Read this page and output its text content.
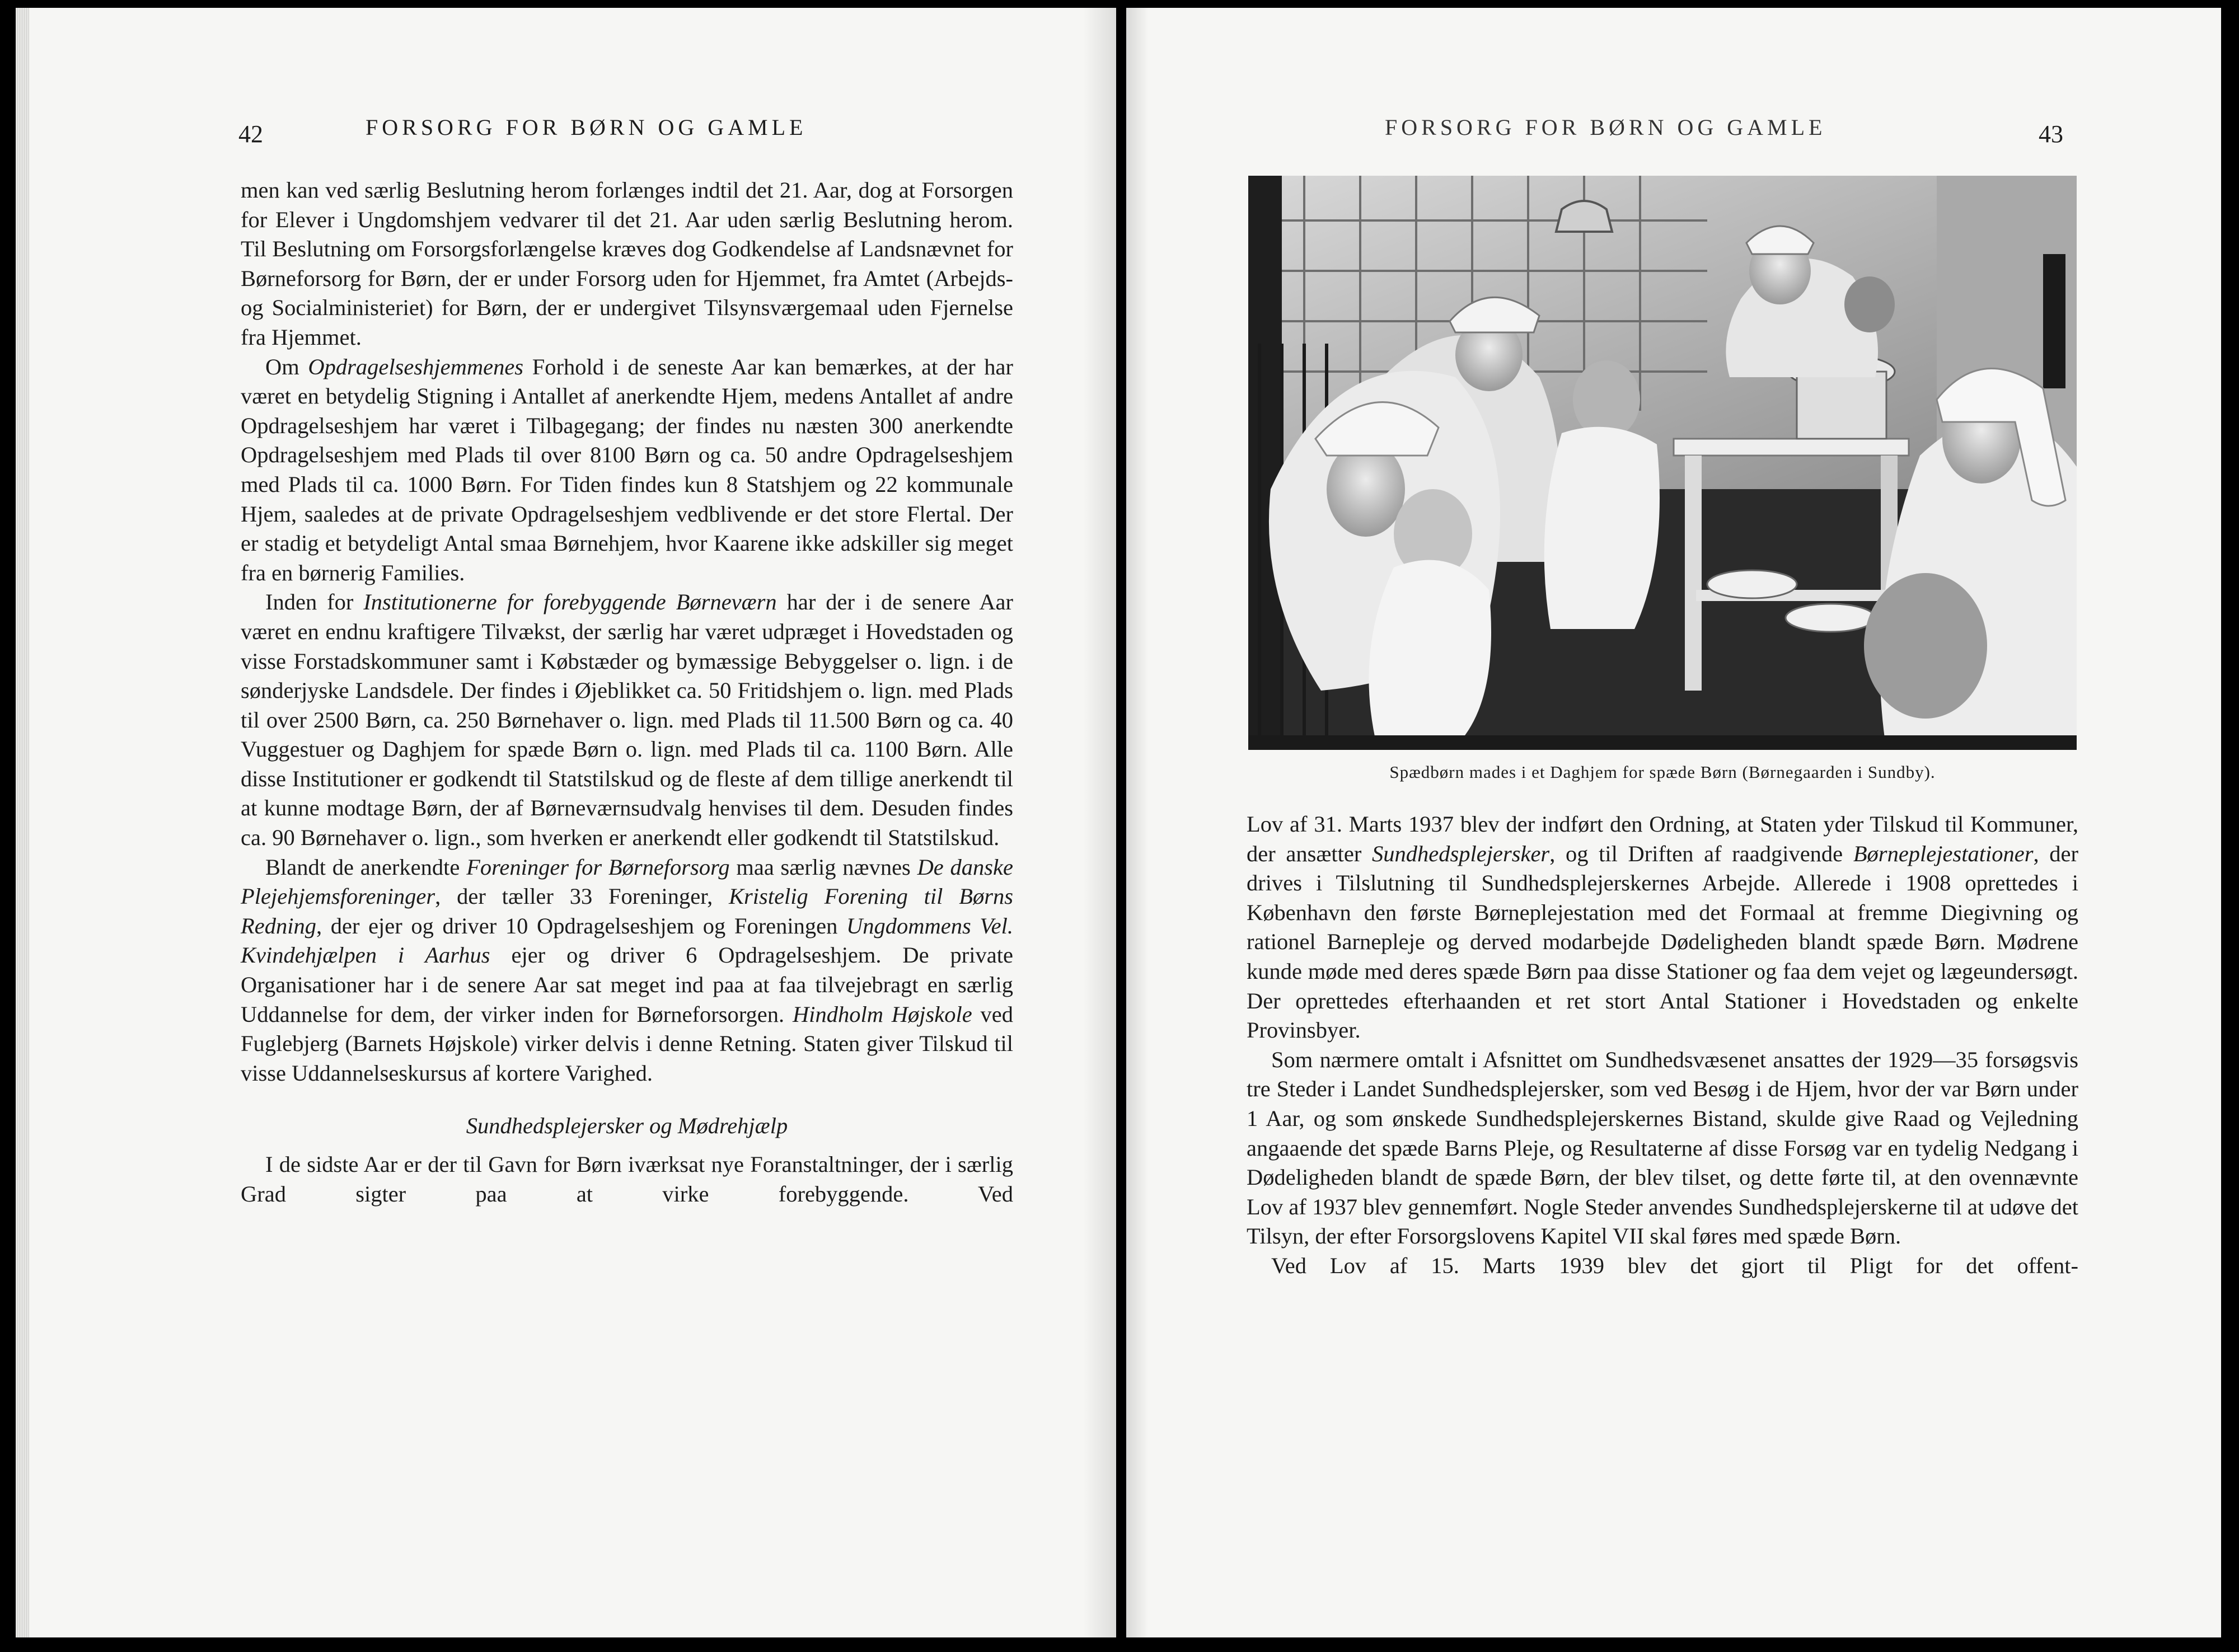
42	FORSORG FOR BØRN OG GAMLE

men kan ved særlig Beslutning herom forlænges indtil det 21. Aar, dog at Forsorgen for Elever i Ungdomshjem vedvarer til det 21. Aar uden særlig Beslutning herom. Til Beslutning om Forsorgsforlængelse kræves dog Godkendelse af Landsnævnet for Børneforsorg for Børn, der er under Forsorg uden for Hjemmet, fra Amtet (Arbejds- og Socialministeriet) for Børn, der er undergivet Tilsynsværgemaal uden Fjernelse fra Hjemmet.

Om Opdragelseshjemmenes Forhold i de seneste Aar kan bemærkes, at der har været en betydelig Stigning i Antallet af anerkendte Hjem, medens Antallet af andre Opdragelseshjem har været i Tilbagegang; der findes nu næsten 300 anerkendte Opdragelseshjem med Plads til over 8100 Børn og ca. 50 andre Opdragelseshjem med Plads til ca. 1000 Børn. For Tiden findes kun 8 Statshjem og 22 kommunale Hjem, saaledes at de private Opdragelseshjem vedblivende er det store Flertal. Der er stadig et betydeligt Antal smaa Børnehjem, hvor Kaarene ikke adskiller sig meget fra en børnerig Families.

Inden for Institutionerne for forebyggende Børneværn har der i de senere Aar været en endnu kraftigere Tilvækst, der særlig har været udpræget i Hovedstaden og visse Forstadskommuner samt i Købstæder og bymæssige Bebyggelser o. lign. i de sønderjyske Landsdele. Der findes i Øjeblikket ca. 50 Fritidshjem o. lign. med Plads til over 2500 Børn, ca. 250 Børnehaver o. lign. med Plads til 11.500 Børn og ca. 40 Vuggestuer og Daghjem for spæde Børn o. lign. med Plads til ca. 1100 Børn. Alle disse Institutioner er godkendt til Statstilskud og de fleste af dem tillige anerkendt til at kunne modtage Børn, der af Børneværnsudvalg henvises til dem. Desuden findes ca. 90 Børnehaver o. lign., som hverken er anerkendt eller godkendt til Statstilskud.

Blandt de anerkendte Foreninger for Børneforsorg maa særlig nævnes De danske Plejehjemsforeninger, der tæller 33 Foreninger, Kristelig Forening til Børns Redning, der ejer og driver 10 Opdragelseshjem og Foreningen Ungdommens Vel. Kvindehjælpen i Aarhus ejer og driver 6 Opdragelseshjem. De private Organisationer har i de senere Aar sat meget ind paa at faa tilvejebragt en særlig Uddannelse for dem, der virker inden for Børneforsorgen. Hindholm Højskole ved Fuglebjerg (Barnets Højskole) virker delvis i denne Retning. Staten giver Tilskud til visse Uddannelseskursus af kortere Varighed.

Sundhedsplejersker og Mødrehjælp

I de sidste Aar er der til Gavn for Børn iværksat nye Foranstaltninger, der i særlig Grad sigter paa at virke forebyggende. Ved

FORSORG FOR BØRN OG GAMLE	43
Spædbørn mades i et Daghjem for spæde Børn (Børnegaarden i Sundby).

Lov af 31. Marts 1937 blev der indført den Ordning, at Staten yder Tilskud til Kommuner, der ansætter Sundhedsplejersker, og til Driften af raadgivende Børneplejestationer, der drives i Tilslutning til Sundhedsplejerskernes Arbejde. Allerede i 1908 oprettedes i København den første Børneplejestation med det Formaal at fremme Diegivning og rationel Barnepleje og derved modarbejde Dødeligheden blandt spæde Børn. Mødrene kunde møde med deres spæde Børn paa disse Stationer og faa dem vejet og lægeundersøgt. Der oprettedes efterhaanden et ret stort Antal Stationer i Hovedstaden og enkelte Provinsbyer.

Som nærmere omtalt i Afsnittet om Sundhedsvæsenet ansattes der 1929—35 forsøgsvis tre Steder i Landet Sundhedsplejersker, som ved Besøg i de Hjem, hvor der var Børn under 1 Aar, og som ønskede Sundhedsplejerskernes Bistand, skulde give Raad og Vejledning angaaende det spæde Barns Pleje, og Resultaterne af disse Forsøg var en tydelig Nedgang i Dødeligheden blandt de spæde Børn, der blev tilset, og dette førte til, at den ovennævnte Lov af 1937 blev gennemført. Nogle Steder anvendes Sundhedsplejerskerne til at udøve det Tilsyn, der efter Forsorgslovens Kapitel VII skal føres med spæde Børn.

Ved Lov af 15. Marts 1939 blev det gjort til Pligt for det offent-
